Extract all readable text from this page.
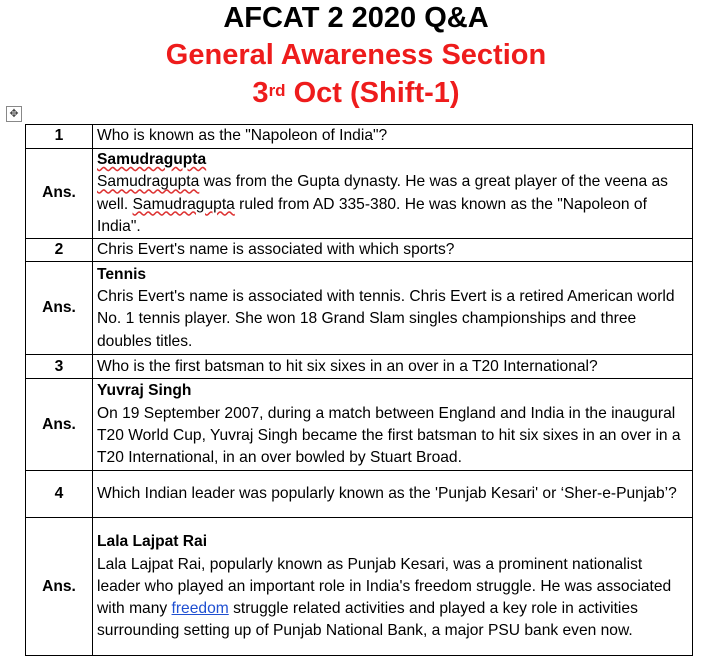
AFCAT 2 2020 Q&A
General Awareness Section
3rd Oct (Shift-1)
✥
1	Who is known as the "Napoleon of India"?
Ans.	Samudragupta
Samudragupta was from the Gupta dynasty. He was a great player of the veena as well. Samudragupta ruled from AD 335-380. He was known as the "Napoleon of India".
2	Chris Evert's name is associated with which sports?
Ans.	Tennis
Chris Evert's name is associated with tennis. Chris Evert is a retired American world No. 1 tennis player. She won 18 Grand Slam singles championships and three doubles titles.
3	Who is the first batsman to hit six sixes in an over in a T20 International?
Ans.	Yuvraj Singh
On 19 September 2007, during a match between England and India in the inaugural T20 World Cup, Yuvraj Singh became the first batsman to hit six sixes in an over in a T20 International, in an over bowled by Stuart Broad.
4	Which Indian leader was popularly known as the 'Punjab Kesari' or ‘Sher-e-Punjab’?
Ans.	Lala Lajpat Rai
Lala Lajpat Rai, popularly known as Punjab Kesari, was a prominent nationalist leader who played an important role in India's freedom struggle. He was associated with many freedom struggle related activities and played a key role in activities surrounding setting up of Punjab National Bank, a major PSU bank even now.
